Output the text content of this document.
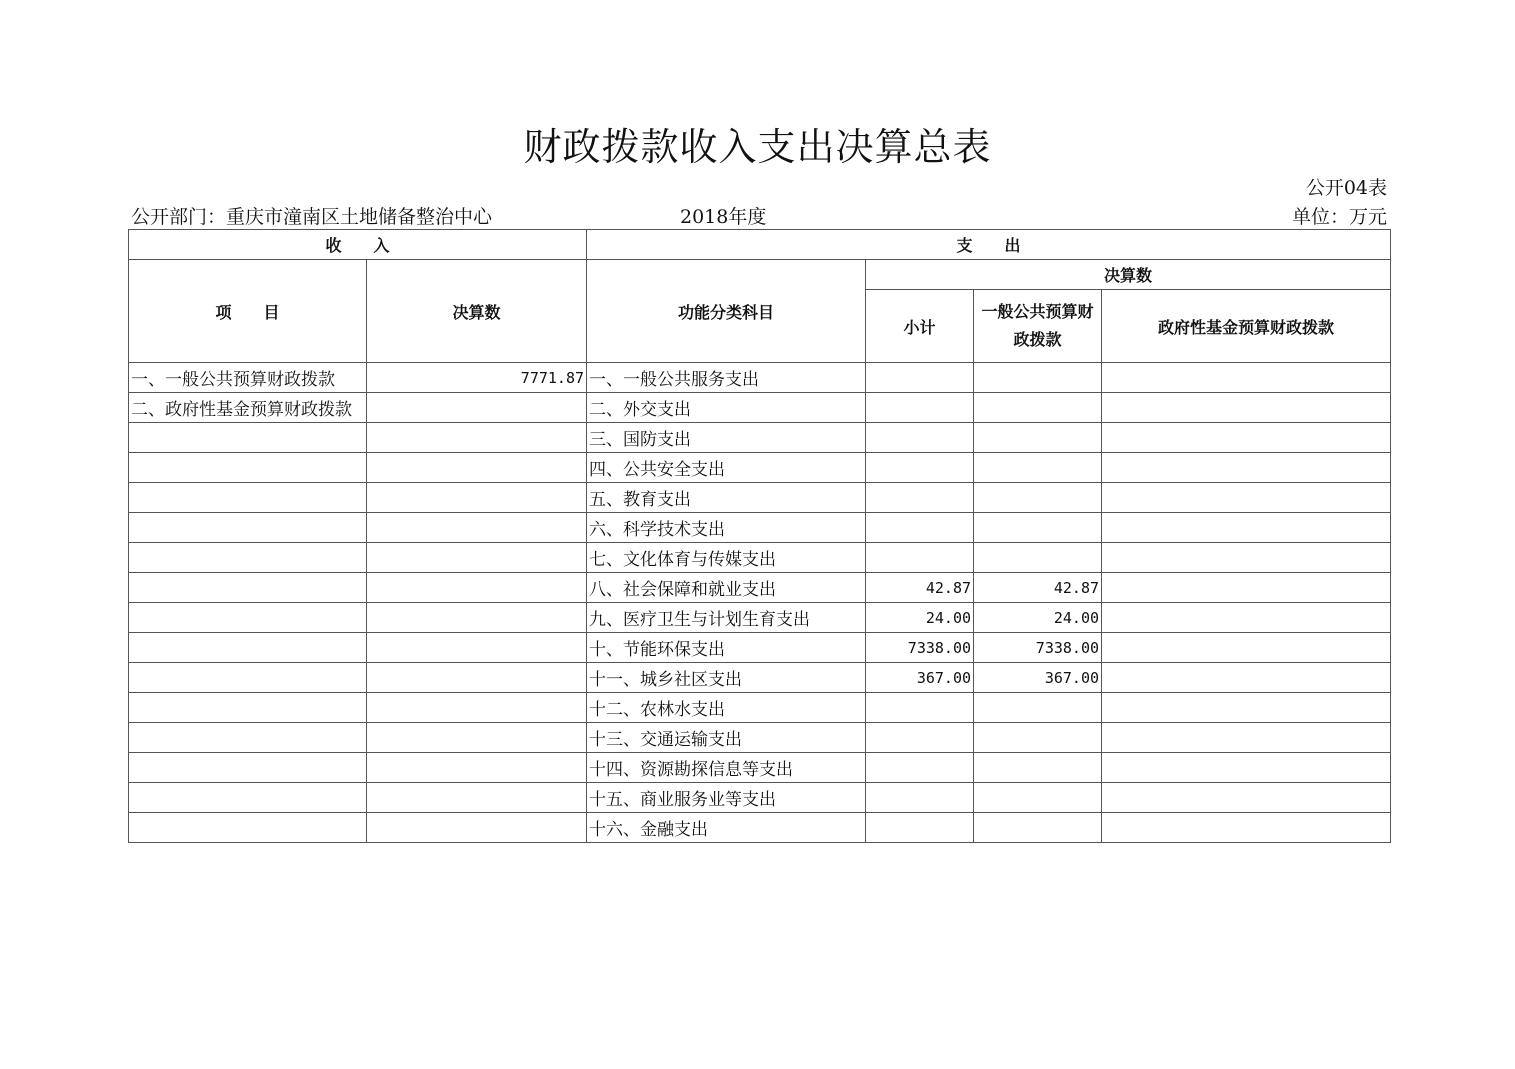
财政拨款收入支出决算总表
公开04表
公开部门：重庆市潼南区土地储备整治中心	2018年度	单位：万元
收　　入		支　　出			
项　　目	决算数	功能分类科目	决算数		
			小计	一般公共预算财政拨款	政府性基金预算财政拨款
一、一般公共预算财政拨款	7771.87	一、一般公共服务支出			
二、政府性基金预算财政拨款		二、外交支出			
		三、国防支出			
		四、公共安全支出			
		五、教育支出			
		六、科学技术支出			
		七、文化体育与传媒支出			
		八、社会保障和就业支出	42.87	42.87	
		九、医疗卫生与计划生育支出	24.00	24.00	
		十、节能环保支出	7338.00	7338.00	
		十一、城乡社区支出	367.00	367.00	
		十二、农林水支出			
		十三、交通运输支出			
		十四、资源勘探信息等支出			
		十五、商业服务业等支出			
		十六、金融支出			
